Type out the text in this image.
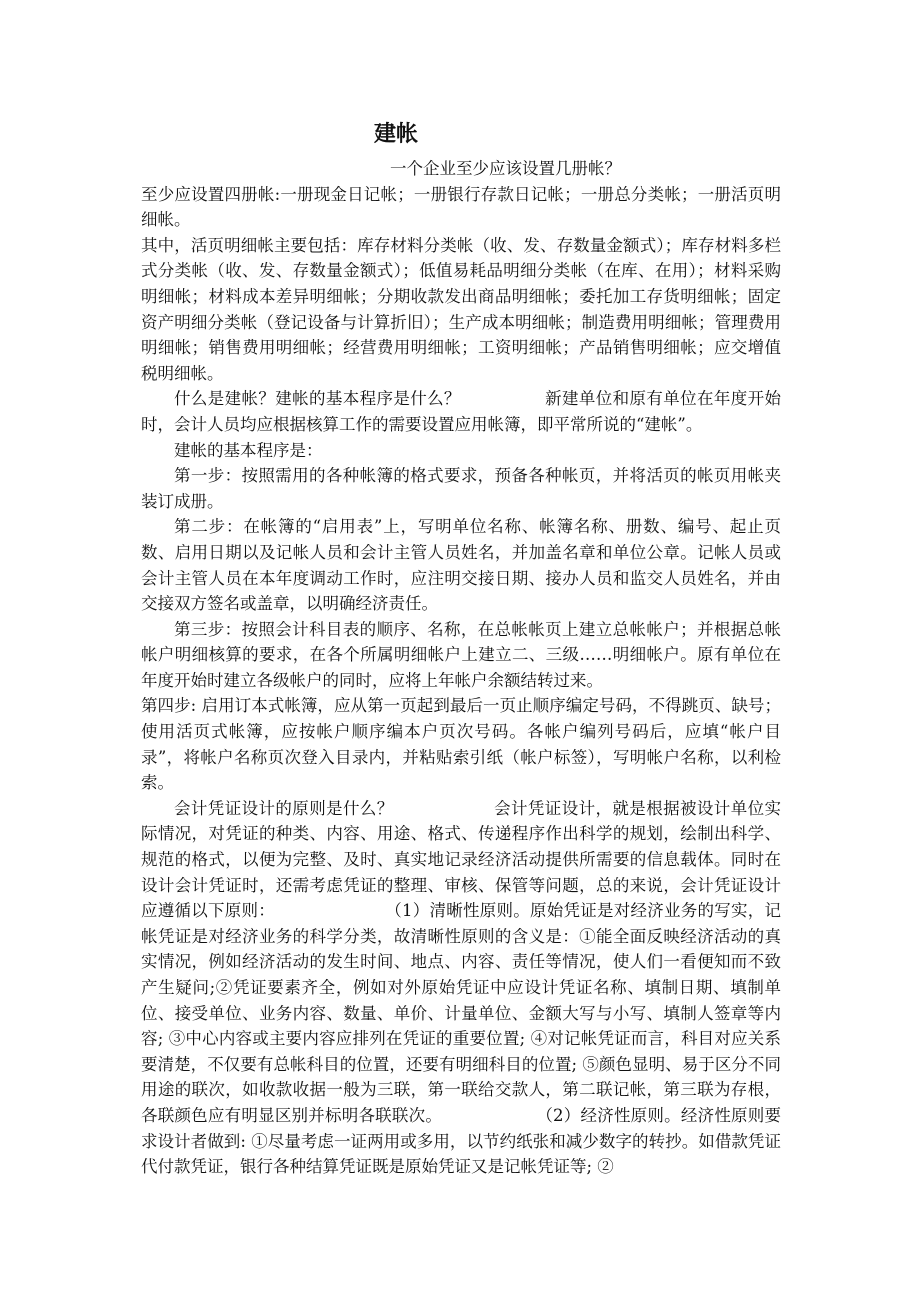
建帐

一个企业至少应该设置几册帐？

至少应设置四册帐:一册现金日记帐；一册银行存款日记帐；一册总分类帐；一册活页明细帐。

其中，活页明细帐主要包括：库存材料分类帐（收、发、存数量金额式）；库存材料多栏式分类帐（收、发、存数量金额式）；低值易耗品明细分类帐（在库、在用）；材料采购明细帐；材料成本差异明细帐；分期收款发出商品明细帐；委托加工存货明细帐；固定资产明细分类帐（登记设备与计算折旧）；生产成本明细帐；制造费用明细帐；管理费用明细帐；销售费用明细帐；经营费用明细帐；工资明细帐；产品销售明细帐；应交增值税明细帐。

什么是建帐？建帐的基本程序是什么？	新建单位和原有单位在年度开始时，会计人员均应根据核算工作的需要设置应用帐簿，即平常所说的“建帐”。

建帐的基本程序是：

第一步：按照需用的各种帐簿的格式要求，预备各种帐页，并将活页的帐页用帐夹装订成册。

第二步：在帐簿的“启用表”上，写明单位名称、帐簿名称、册数、编号、起止页数、启用日期以及记帐人员和会计主管人员姓名，并加盖名章和单位公章。记帐人员或会计主管人员在本年度调动工作时，应注明交接日期、接办人员和监交人员姓名，并由交接双方签名或盖章，以明确经济责任。

第三步：按照会计科目表的顺序、名称，在总帐帐页上建立总帐帐户；并根据总帐帐户明细核算的要求，在各个所属明细帐户上建立二、三级……明细帐户。原有单位在年度开始时建立各级帐户的同时，应将上年帐户余额结转过来。

第四步: 启用订本式帐簿，应从第一页起到最后一页止顺序编定号码，不得跳页、缺号；使用活页式帐簿，应按帐户顺序编本户页次号码。各帐户编列号码后，应填“帐户目录”，将帐户名称页次登入目录内，并粘贴索引纸（帐户标签），写明帐户名称，以利检索。

会计凭证设计的原则是什么？	会计凭证设计，就是根据被设计单位实际情况，对凭证的种类、内容、用途、格式、传递程序作出科学的规划，绘制出科学、规范的格式，以便为完整、及时、真实地记录经济活动提供所需要的信息载体。同时在设计会计凭证时，还需考虑凭证的整理、审核、保管等问题，总的来说，会计凭证设计应遵循以下原则：	（1）清晰性原则。原始凭证是对经济业务的写实，记帐凭证是对经济业务的科学分类，故清晰性原则的含义是：①能全面反映经济活动的真实情况，例如经济活动的发生时间、地点、内容、责任等情况，使人们一看便知而不致产生疑问;②凭证要素齐全，例如对外原始凭证中应设计凭证名称、填制日期、填制单位、接受单位、业务内容、数量、单价、计量单位、金额大写与小写、填制人签章等内容; ③中心内容或主要内容应排列在凭证的重要位置; ④对记帐凭证而言，科目对应关系要清楚，不仅要有总帐科目的位置，还要有明细科目的位置; ⑤颜色显明、易于区分不同用途的联次，如收款收据一般为三联，第一联给交款人，第二联记帐，第三联为存根，各联颜色应有明显区别并标明各联联次。	（2）经济性原则。经济性原则要求设计者做到: ①尽量考虑一证两用或多用，以节约纸张和减少数字的转抄。如借款凭证代付款凭证，银行各种结算凭证既是原始凭证又是记帐凭证等; ②
